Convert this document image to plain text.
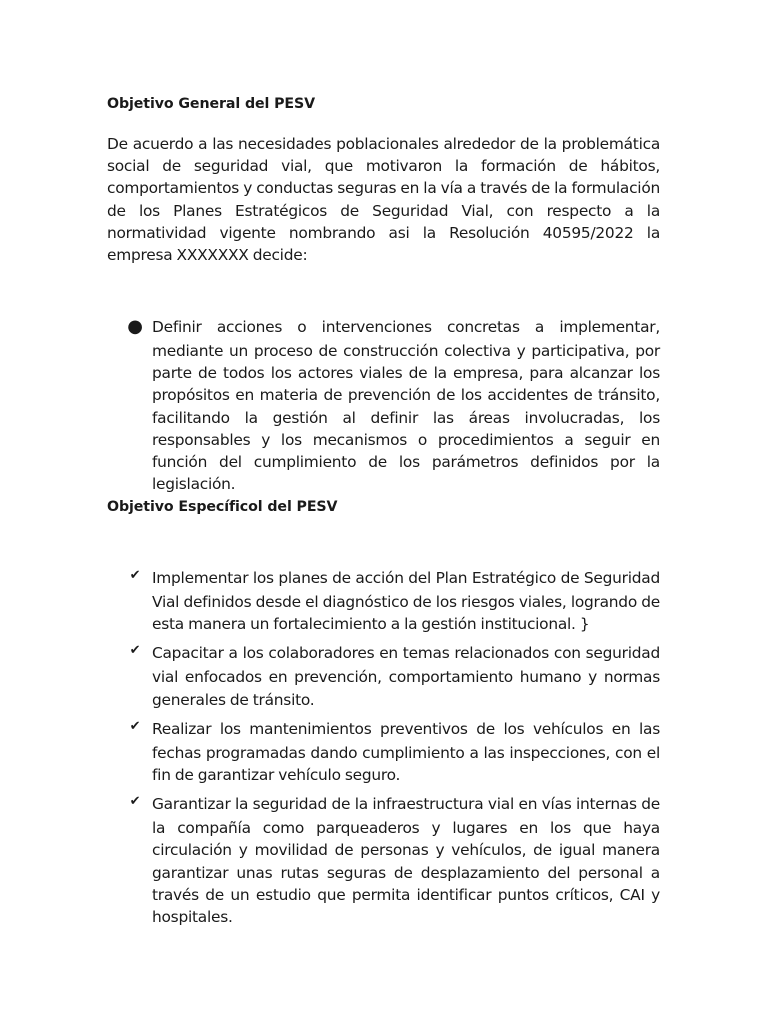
Objetivo General del PESV

De acuerdo a las necesidades poblacionales alrededor de la problemática social de seguridad vial, que motivaron la formación de hábitos, comportamientos y conductas seguras en la vía a través de la formulación de los Planes Estratégicos de Seguridad Vial, con respecto a la normatividad vigente nombrando asi la Resolución 40595/2022 la empresa XXXXXXX decide:

● Definir acciones o intervenciones concretas a implementar, mediante un proceso de construcción colectiva y participativa, por parte de todos los actores viales de la empresa, para alcanzar los propósitos en materia de prevención de los accidentes de tránsito, facilitando la gestión al definir las áreas involucradas, los responsables y los mecanismos o procedimientos a seguir en función del cumplimiento de los parámetros definidos por la legislación.

Objetivo Específicol del PESV

✔ Implementar los planes de acción del Plan Estratégico de Seguridad Vial definidos desde el diagnóstico de los riesgos viales, logrando de esta manera un fortalecimiento a la gestión institucional. }

✔ Capacitar a los colaboradores en temas relacionados con seguridad vial enfocados en prevención, comportamiento humano y normas generales de tránsito.

✔ Realizar los mantenimientos preventivos de los vehículos en las fechas programadas dando cumplimiento a las inspecciones, con el fin de garantizar vehículo seguro.

✔ Garantizar la seguridad de la infraestructura vial en vías internas de la compañía como parqueaderos y lugares en los que haya circulación y movilidad de personas y vehículos, de igual manera garantizar unas rutas seguras de desplazamiento del personal a través de un estudio que permita identificar puntos críticos, CAI y hospitales.
